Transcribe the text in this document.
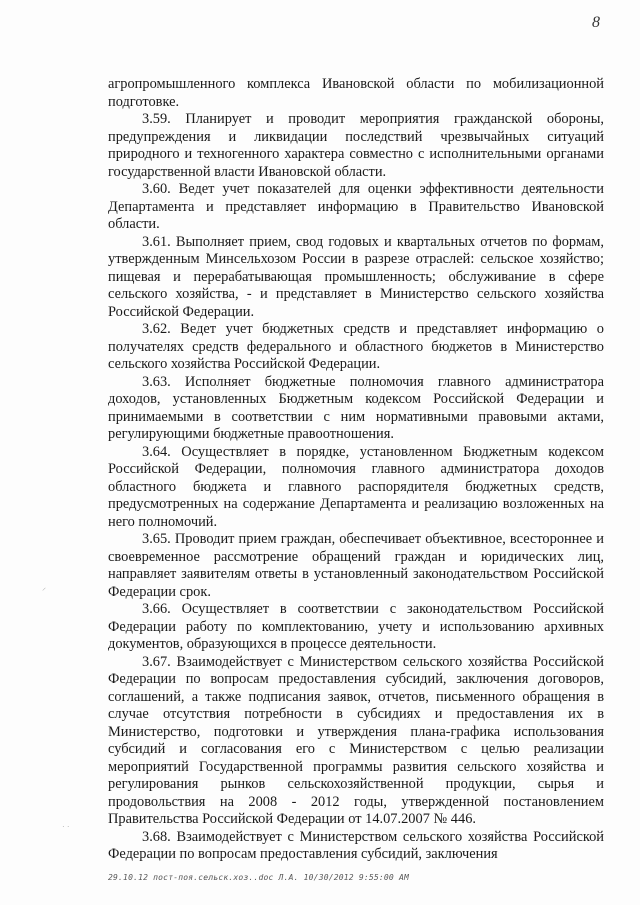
8

агропромышленного комплекса Ивановской области по мобилизационной подготовке.

3.59. Планирует и проводит мероприятия гражданской обороны, предупреждения и ликвидации последствий чрезвычайных ситуаций природного и техногенного характера совместно с исполнительными органами государственной власти Ивановской области.

3.60. Ведет учет показателей для оценки эффективности деятельности Департамента и представляет информацию в Правительство Ивановской области.

3.61. Выполняет прием, свод годовых и квартальных отчетов по формам, утвержденным Минсельхозом России в разрезе отраслей: сельское хозяйство; пищевая и перерабатывающая промышленность; обслуживание в сфере сельского хозяйства, - и представляет в Министерство сельского хозяйства Российской Федерации.

3.62. Ведет учет бюджетных средств и представляет информацию о получателях средств федерального и областного бюджетов в Министерство сельского хозяйства Российской Федерации.

3.63. Исполняет бюджетные полномочия главного администратора доходов, установленных Бюджетным кодексом Российской Федерации и принимаемыми в соответствии с ним нормативными правовыми актами, регулирующими бюджетные правоотношения.

3.64. Осуществляет в порядке, установленном Бюджетным кодексом Российской Федерации, полномочия главного администратора доходов областного бюджета и главного распорядителя бюджетных средств, предусмотренных на содержание Департамента и реализацию возложенных на него полномочий.

3.65. Проводит прием граждан, обеспечивает объективное, всестороннее и своевременное рассмотрение обращений граждан и юридических лиц, направляет заявителям ответы в установленный законодательством Российской Федерации срок.

3.66. Осуществляет в соответствии с законодательством Российской Федерации работу по комплектованию, учету и использованию архивных документов, образующихся в процессе деятельности.

3.67. Взаимодействует с Министерством сельского хозяйства Российской Федерации по вопросам предоставления субсидий, заключения договоров, соглашений, а также подписания заявок, отчетов, письменного обращения в случае отсутствия потребности в субсидиях и предоставления их в Министерство, подготовки и утверждения плана-графика использования субсидий и согласования его с Министерством с целью реализации мероприятий Государственной программы развития сельского хозяйства и регулирования рынков сельскохозяйственной продукции, сырья и продовольствия на 2008 - 2012 годы, утвержденной постановлением Правительства Российской Федерации от 14.07.2007 № 446.

3.68. Взаимодействует с Министерством сельского хозяйства Российской Федерации по вопросам предоставления субсидий, заключения

⸝
· ·
29.10.12 пост-поя.сельск.хоз..doc Л.А. 10/30/2012 9:55:00 AM
